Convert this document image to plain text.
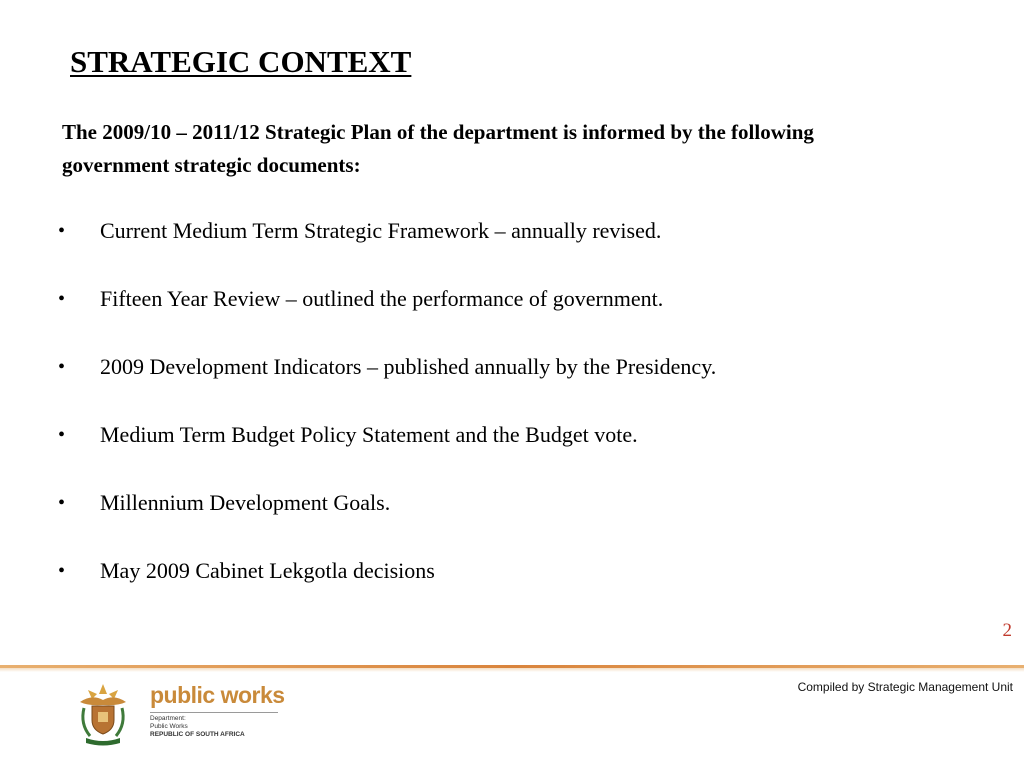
STRATEGIC CONTEXT
The 2009/10 – 2011/12 Strategic Plan of the department is informed by the following government strategic documents:
•	Current Medium Term Strategic Framework – annually revised.
•	Fifteen Year Review – outlined the performance of government.
•	2009 Development Indicators – published annually by the Presidency.
•	Medium Term Budget Policy Statement and the Budget vote.
•	Millennium Development Goals.
•	May 2009 Cabinet Lekgotla decisions
2
Compiled by Strategic Management Unit
public works
Department:
Public Works
REPUBLIC OF SOUTH AFRICA
